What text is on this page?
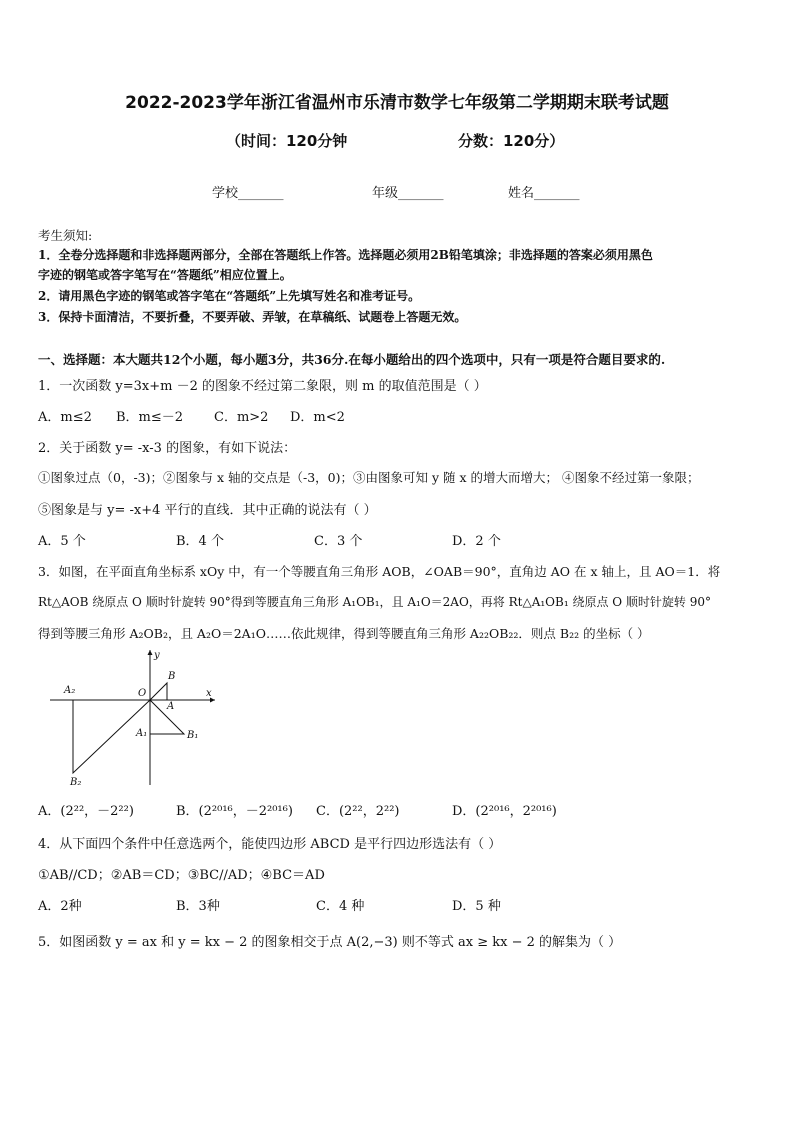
2022-2023学年浙江省温州市乐清市数学七年级第二学期期末联考试题
（时间：120分钟	分数：120分）
学校_______	年级_______	姓名_______
考生须知:
1．全卷分选择题和非选择题两部分，全部在答题纸上作答。选择题必须用2B铅笔填涂；非选择题的答案必须用黑色
字迹的钢笔或答字笔写在“答题纸”相应位置上。
2．请用黑色字迹的钢笔或答字笔在“答题纸”上先填写姓名和准考证号。
3．保持卡面清洁，不要折叠，不要弄破、弄皱，在草稿纸、试题卷上答题无效。
一、选择题：本大题共12个小题，每小题3分，共36分.在每小题给出的四个选项中，只有一项是符合题目要求的.
1．一次函数 y=3x+m －2 的图象不经过第二象限，则 m 的取值范围是（ ）
A．m≤2 B．m≤－2 C．m>2 D．m<2
2．关于函数 y= -x-3 的图象，有如下说法：
①图象过点（0，-3)；②图象与 x 轴的交点是（-3，0)；③由图象可知 y 随 x 的增大而增大； ④图象不经过第一象限；
⑤图象是与 y= -x+4 平行的直线．其中正确的说法有（ ）
A．5 个	B．4 个	C．3 个	D．2 个
3．如图，在平面直角坐标系 xOy 中，有一个等腰直角三角形 AOB，∠OAB＝90°，直角边 AO 在 x 轴上，且 AO＝1．将
Rt△AOB 绕原点 O 顺时针旋转 90°得到等腰直角三角形 A₁OB₁，且 A₁O＝2AO，再将 Rt△A₁OB₁ 绕原点 O 顺时针旋转 90°
得到等腰三角形 A₂OB₂，且 A₂O＝2A₁O……依此规律，得到等腰直角三角形 A₂₂OB₂₂．则点 B₂₂ 的坐标（ ）
y
x
O
A
B
A₁	B₁
A₂
B₂
A．(2²²，－2²²)	B．(2²⁰¹⁶，－2²⁰¹⁶) C．(2²²，2²²)	D．(2²⁰¹⁶，2²⁰¹⁶)
4．从下面四个条件中任意选两个，能使四边形 ABCD 是平行四边形选法有（ ）
①AB//CD；②AB＝CD；③BC//AD；④BC＝AD
A．2种	B．3种	C．4 种	D．5 种
5．如图函数 y = ax 和 y = kx − 2 的图象相交于点 A(2,−3) 则不等式 ax ≥ kx − 2 的解集为（ ）
